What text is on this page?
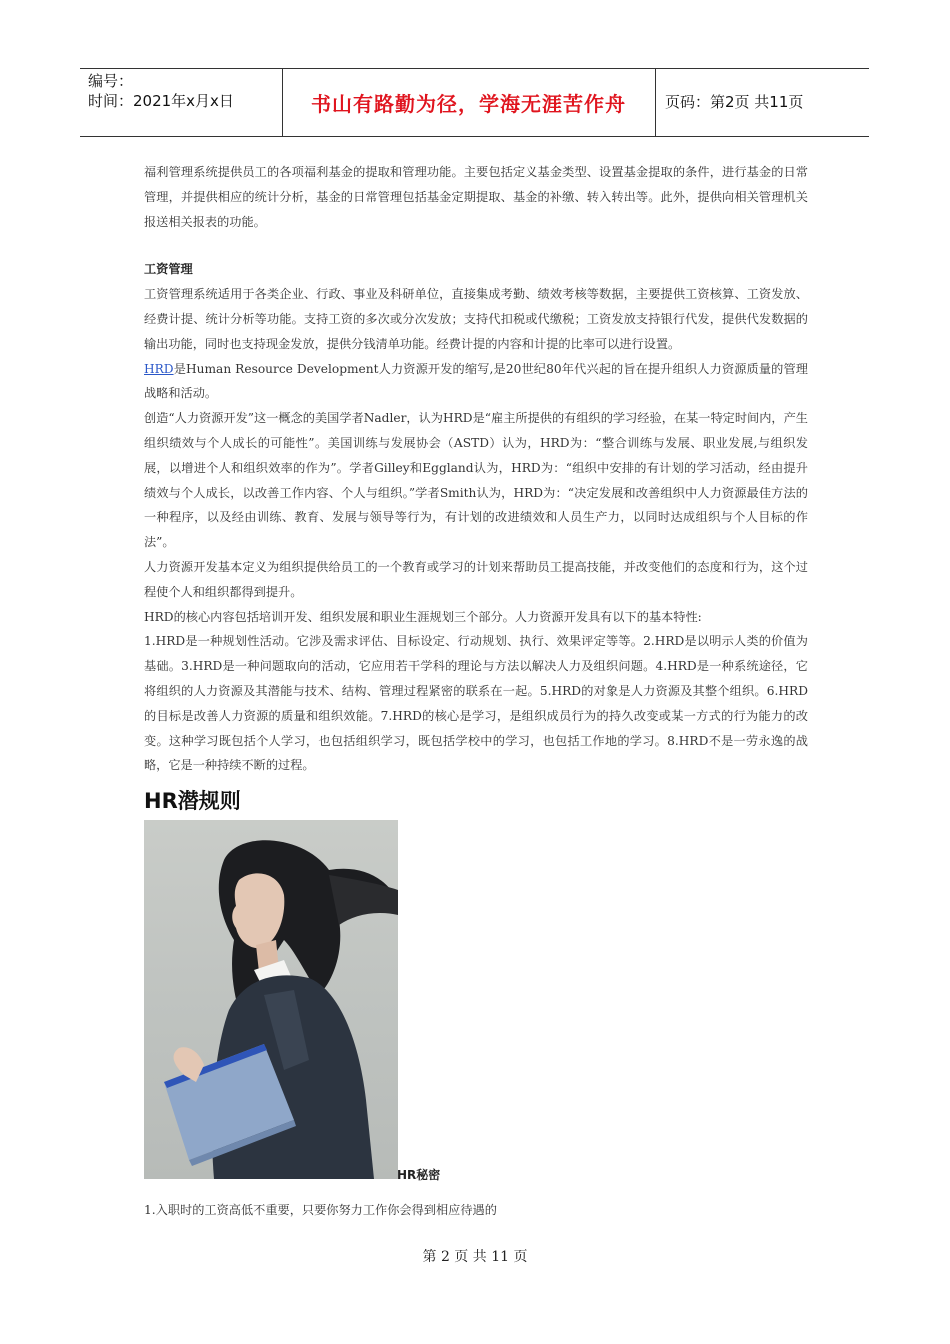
编号：
时间：2021年x月x日	书山有路勤为径，学海无涯苦作舟	页码：第2页 共11页

福利管理系统提供员工的各项福利基金的提取和管理功能。主要包括定义基金类型、设置基金提取的条件，进行基金的日常管理，并提供相应的统计分析，基金的日常管理包括基金定期提取、基金的补缴、转入转出等。此外，提供向相关管理机关报送相关报表的功能。

工资管理

工资管理系统适用于各类企业、行政、事业及科研单位，直接集成考勤、绩效考核等数据，主要提供工资核算、工资发放、经费计提、统计分析等功能。支持工资的多次或分次发放；支持代扣税或代缴税；工资发放支持银行代发，提供代发数据的输出功能，同时也支持现金发放，提供分钱清单功能。经费计提的内容和计提的比率可以进行设置。

HRD是Human Resource Development人力资源开发的缩写,是20世纪80年代兴起的旨在提升组织人力资源质量的管理战略和活动。

创造“人力资源开发”这一概念的美国学者Nadler，认为HRD是“雇主所提供的有组织的学习经验，在某一特定时间内，产生组织绩效与个人成长的可能性”。美国训练与发展协会（ASTD）认为，HRD为：“整合训练与发展、职业发展,与组织发展，以增进个人和组织效率的作为”。学者Gilley和Eggland认为，HRD为：“组织中安排的有计划的学习活动，经由提升绩效与个人成长，以改善工作内容、个人与组织。”学者Smith认为，HRD为：“决定发展和改善组织中人力资源最佳方法的一种程序，以及经由训练、教育、发展与领导等行为，有计划的改进绩效和人员生产力，以同时达成组织与个人目标的作法”。

人力资源开发基本定义为组织提供给员工的一个教育或学习的计划来帮助员工提高技能，并改变他们的态度和行为，这个过程使个人和组织都得到提升。

HRD的核心内容包括培训开发、组织发展和职业生涯规划三个部分。人力资源开发具有以下的基本特性:

1.HRD是一种规划性活动。它涉及需求评估、目标设定、行动规划、执行、效果评定等等。2.HRD是以明示人类的价值为基础。3.HRD是一种问题取向的活动，它应用若干学科的理论与方法以解决人力及组织问题。4.HRD是一种系统途径，它将组织的人力资源及其潜能与技术、结构、管理过程紧密的联系在一起。5.HRD的对象是人力资源及其整个组织。6.HRD的目标是改善人力资源的质量和组织效能。7.HRD的核心是学习，是组织成员行为的持久改变或某一方式的行为能力的改变。这种学习既包括个人学习，也包括组织学习，既包括学校中的学习，也包括工作地的学习。8.HRD不是一劳永逸的战略，它是一种持续不断的过程。

HR潜规则
HR秘密

1.入职时的工资高低不重要，只要你努力工作你会得到相应待遇的

第 2 页 共 11 页
